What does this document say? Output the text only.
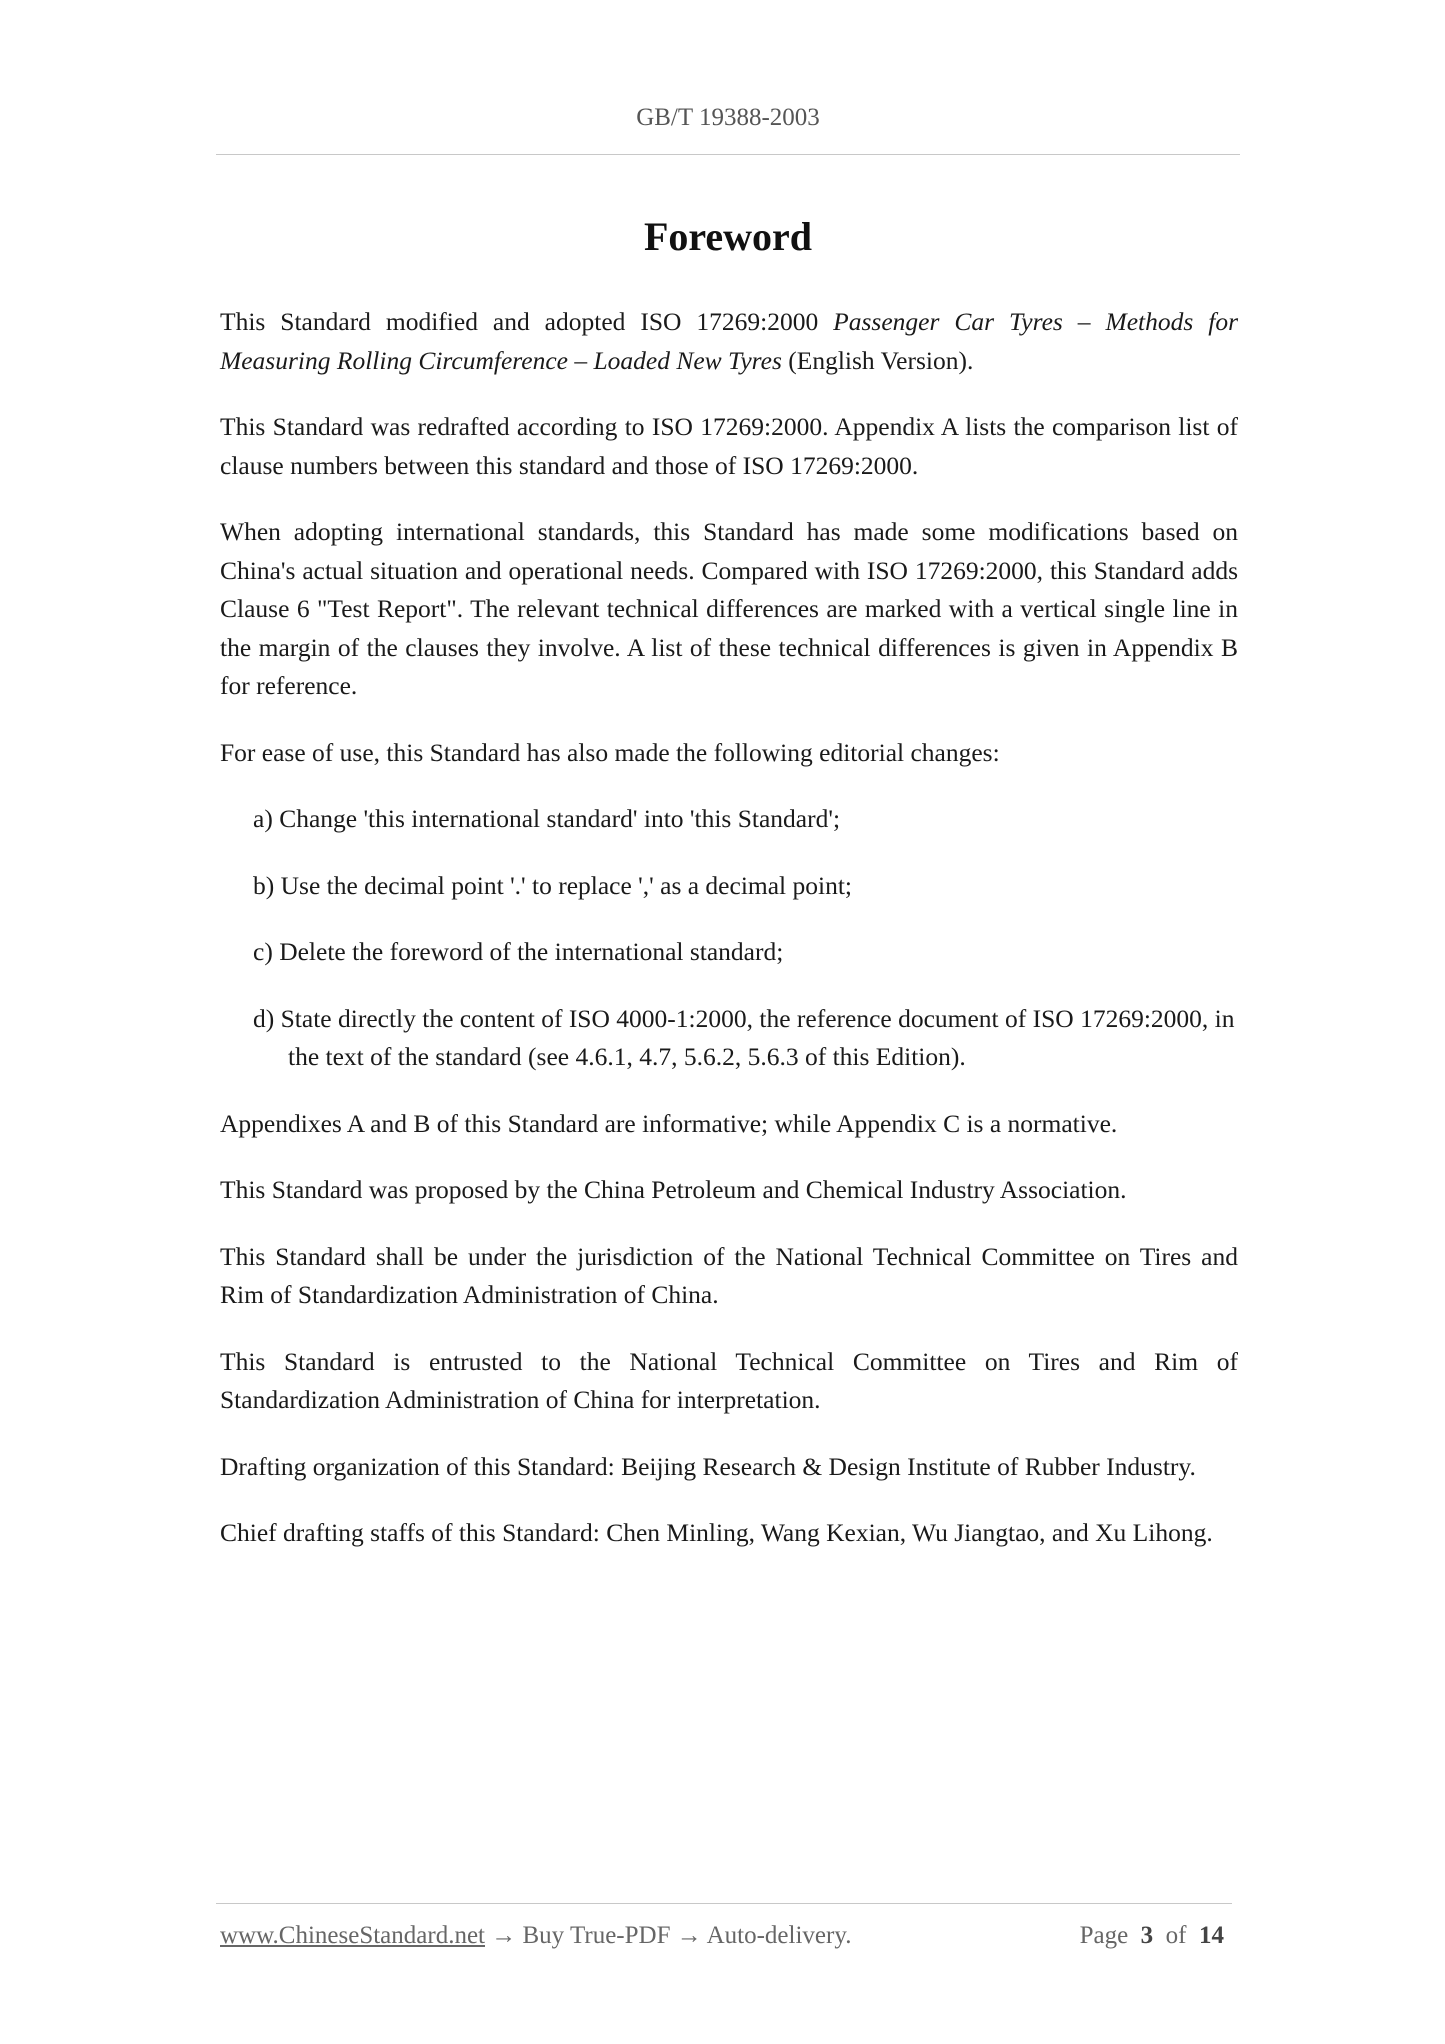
GB/T 19388-2003
Foreword

This Standard modified and adopted ISO 17269:2000 Passenger Car Tyres – Methods for Measuring Rolling Circumference – Loaded New Tyres (English Version).

This Standard was redrafted according to ISO 17269:2000. Appendix A lists the comparison list of clause numbers between this standard and those of ISO 17269:2000.

When adopting international standards, this Standard has made some modifications based on China's actual situation and operational needs. Compared with ISO 17269:2000, this Standard adds Clause 6 "Test Report". The relevant technical differences are marked with a vertical single line in the margin of the clauses they involve. A list of these technical differences is given in Appendix B for reference.

For ease of use, this Standard has also made the following editorial changes:

a) Change 'this international standard' into 'this Standard';
b) Use the decimal point '.' to replace ',' as a decimal point;
c) Delete the foreword of the international standard;
d) State directly the content of ISO 4000-1:2000, the reference document of ISO 17269:2000, in the text of the standard (see 4.6.1, 4.7, 5.6.2, 5.6.3 of this Edition).

Appendixes A and B of this Standard are informative; while Appendix C is a normative.

This Standard was proposed by the China Petroleum and Chemical Industry Association.

This Standard shall be under the jurisdiction of the National Technical Committee on Tires and Rim of Standardization Administration of China.

This Standard is entrusted to the National Technical Committee on Tires and Rim of Standardization Administration of China for interpretation.

Drafting organization of this Standard: Beijing Research & Design Institute of Rubber Industry.

Chief drafting staffs of this Standard: Chen Minling, Wang Kexian, Wu Jiangtao, and Xu Lihong.

www.ChineseStandard.net → Buy True-PDF → Auto-delivery.	Page 3 of 14
